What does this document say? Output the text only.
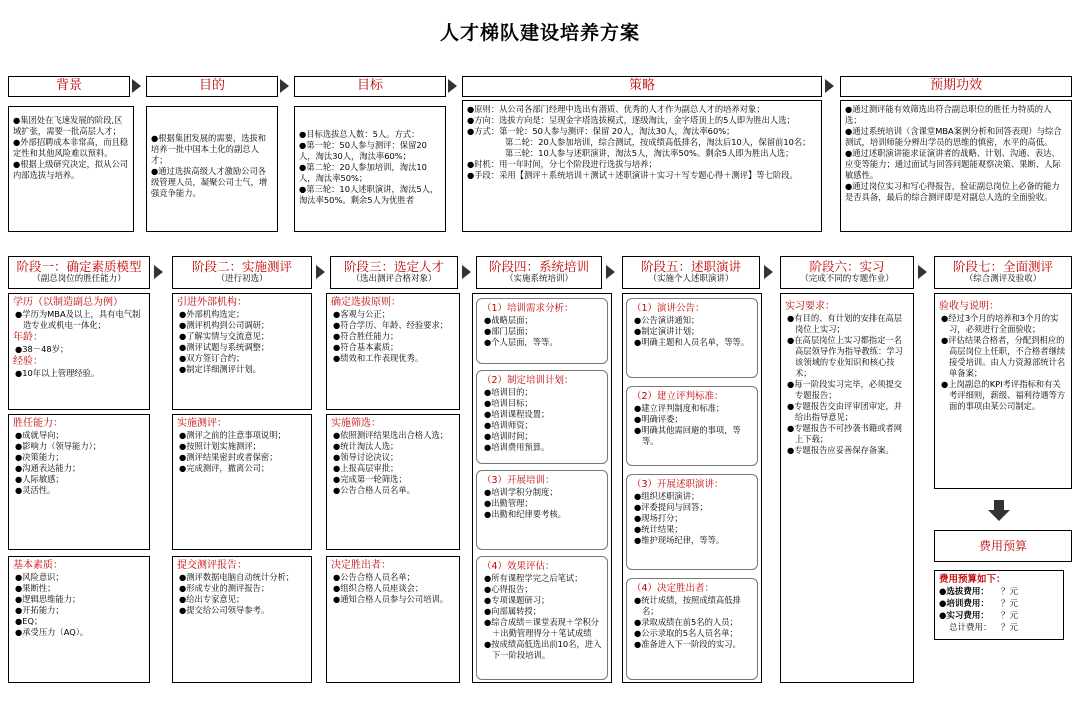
人才梯队建设培养方案
背景	目的	目标	策略	预期功效

●集团处在飞速发展的阶段,区域扩张，需要一批高层人才；

●外部招聘成本非常高，而且稳定性和其他风险难以预料。

●根据上级研究决定，拟从公司内部选拔与培养。

●根据集团发展的需要，选拔和培养一批中国本土化的副总人才；

●通过选拔高级人才激励公司各级管理人员，凝聚公司士气，增强竞争能力。

●目标选拔总人数：5人。方式：

●第一轮：50人参与测评：保留20人，淘汰30人，淘汰率60%；

●第二轮：20人参加培训，淘汰10人，淘汰率50%；

●第三轮：10人述职演讲，淘汰5人，淘汰率50%。剩余5人为优胜者

●原则：从公司各部门经理中选出有潜质、优秀的人才作为副总人才的培养对象；

●方向：选拔方向是：呈现金字塔选拔模式，逐级淘汰，金字塔顶上的5人即为胜出人选；

●方式：第一轮：50人参与测评：保留 20人，淘汰30人，淘汰率60%；

第二轮：20人参加培训，综合测试，按成绩高低排名，淘汰后10人，保留前10名；

第三轮：10人参与述职演讲，淘汰5人，淘汰率50%。剩余5人即为胜出人选；

●时机：用一年时间，分七个阶段进行选拔与培养；

●手段：采用【测评＋系统培训＋测试＋述职演讲＋实习＋写专题心得＋测评】等七阶段。

●通过测评能有效筛选出符合副总职位的胜任力特质的人选；

●通过系统培训（含课堂MBA案例分析和回答表现）与综合测试，培训师能分辨出学员的思维的慎密，水平的高低。

●通过述职演讲能求证演讲者的战略、计划、沟通、表达、应变等能力；通过面试与回答问题能观察决策、果断、人际敏感性。

●通过岗位实习和写心得报告，验证副总岗位上必备的能力是否具备，最后的综合测评即是对副总人选的全面验收。

阶段一：确定素质模型
（副总岗位的胜任能力）
阶段二：实施测评
（进行初选）
阶段三：选定人才
（选出测评合格对象）
阶段四：系统培训
（实施系统培训）
阶段五：述职演讲
（实施个人述职演讲）
阶段六：实习
（完成不同的专题作业）
阶段七：全面测评
（综合测评及验收）
学历（以制造副总为例）
●学历为MBA及以上，具有电气制造专业或机电一体化；
年龄：
●38－48岁；
经验：
●10年以上管理经验。
胜任能力：
●成就导向；
●影响力（领导能力）；
●决策能力；
●沟通表达能力；
●人际敏感；
●灵活性。
基本素质：
●风险意识；
●果断性；
●逻辑思维能力；
●开拓能力；
●EQ；
●承受压力（AQ）。
引进外部机构：
●外部机构选定；
●测评机构到公司调研；
●了解实情与交流意见；
●测评试题与系统调整；
●双方签订合约；
●制定详细测评计划。
实施测评：
●测评之前的注意事项说明；
●按照计划实施测评；
●测评结果密封或者保密；
●完成测评，撤离公司；
提交测评报告：
●测评数据电脑自动统计分析；
●形成专业的测评报告；
●给出专家意见；
●提交给公司领导参考。
确定选拔原则：
●客观与公正；
●符合学历、年龄、经验要求；
●符合胜任能力；
●符合基本素质；
●绩效和工作表现优秀。
实施筛选：
●依照测评结果选出合格人选；
●统计淘汰人选；
●领导讨论决议；
●上报高层审批；
●完成第一轮筛选；
●公告合格人员名单。
决定胜出者：
●公告合格人员名单；
●组织合格人员座谈会；
●通知合格人员参与公司培训。
（1）培训需求分析：
●战略层面；
●部门层面；
●个人层面，等等。
（2）制定培训计划：
●培训目的；
●培训目标；
●培训课程设置；
●培训师资；
●培训时间；
●培训费用预算。
（3）开展培训：
●培训学积分制度；
●出勤管理；
●出勤和纪律要考核。
（4）效果评估：
●所有课程学完之后笔试；
●心得报告；
●专项课题研习；
●向部属转授；
●综合成绩＝课堂表现＋学积分＋出勤管理得分＋笔试成绩
●按成绩高低选出前10名，进入下一阶段培训。
（1）演讲公告：
●公告演讲通知；
●制定演讲计划；
●明确主题和人员名单，等等。
（2）建立评判标准：
●建立评判制度和标准；
●明确评委；
●明确其他需回避的事项，等等。
（3）开展述职演讲：
●组织述职演讲；
●评委提问与回答；
●现场打分；
●统计结果；
●维护现场纪律，等等。
（4）决定胜出者：
●统计成绩，按照成绩高低排名；
●录取成绩在前5名的人员；
●公示录取的5名人员名单；
●准备进入下一阶段的实习。
实习要求：
●有目的、有计划的安排在高层岗位上实习；
●在高层岗位上实习都指定一名高层领导作为指导教练：学习该领域的专业知识和核心技术；
●每一阶段实习完毕，必须提交专题报告；
●专题报告交由评审团审定，并给出指导意见；
●专题报告不可抄袭书籍或者网上下载；
●专题报告应妥善保存备案。
验收与说明：
●经过3个月的培养和3个月的实习，必须进行全面验收；
●评估结果合格者，分配到相应的高层岗位上任职，不合格者继续接受培训。由人力资源部统计名单备案；
●上岗副总的KPI考评指标和有关考评细则，薪级、福利待遇等方面的事项由某公司制定。
费用预算
费用预算如下：
●选拔费用：	？元
●培训费用：	？元
●实习费用：	？元
总计费用：	？元
